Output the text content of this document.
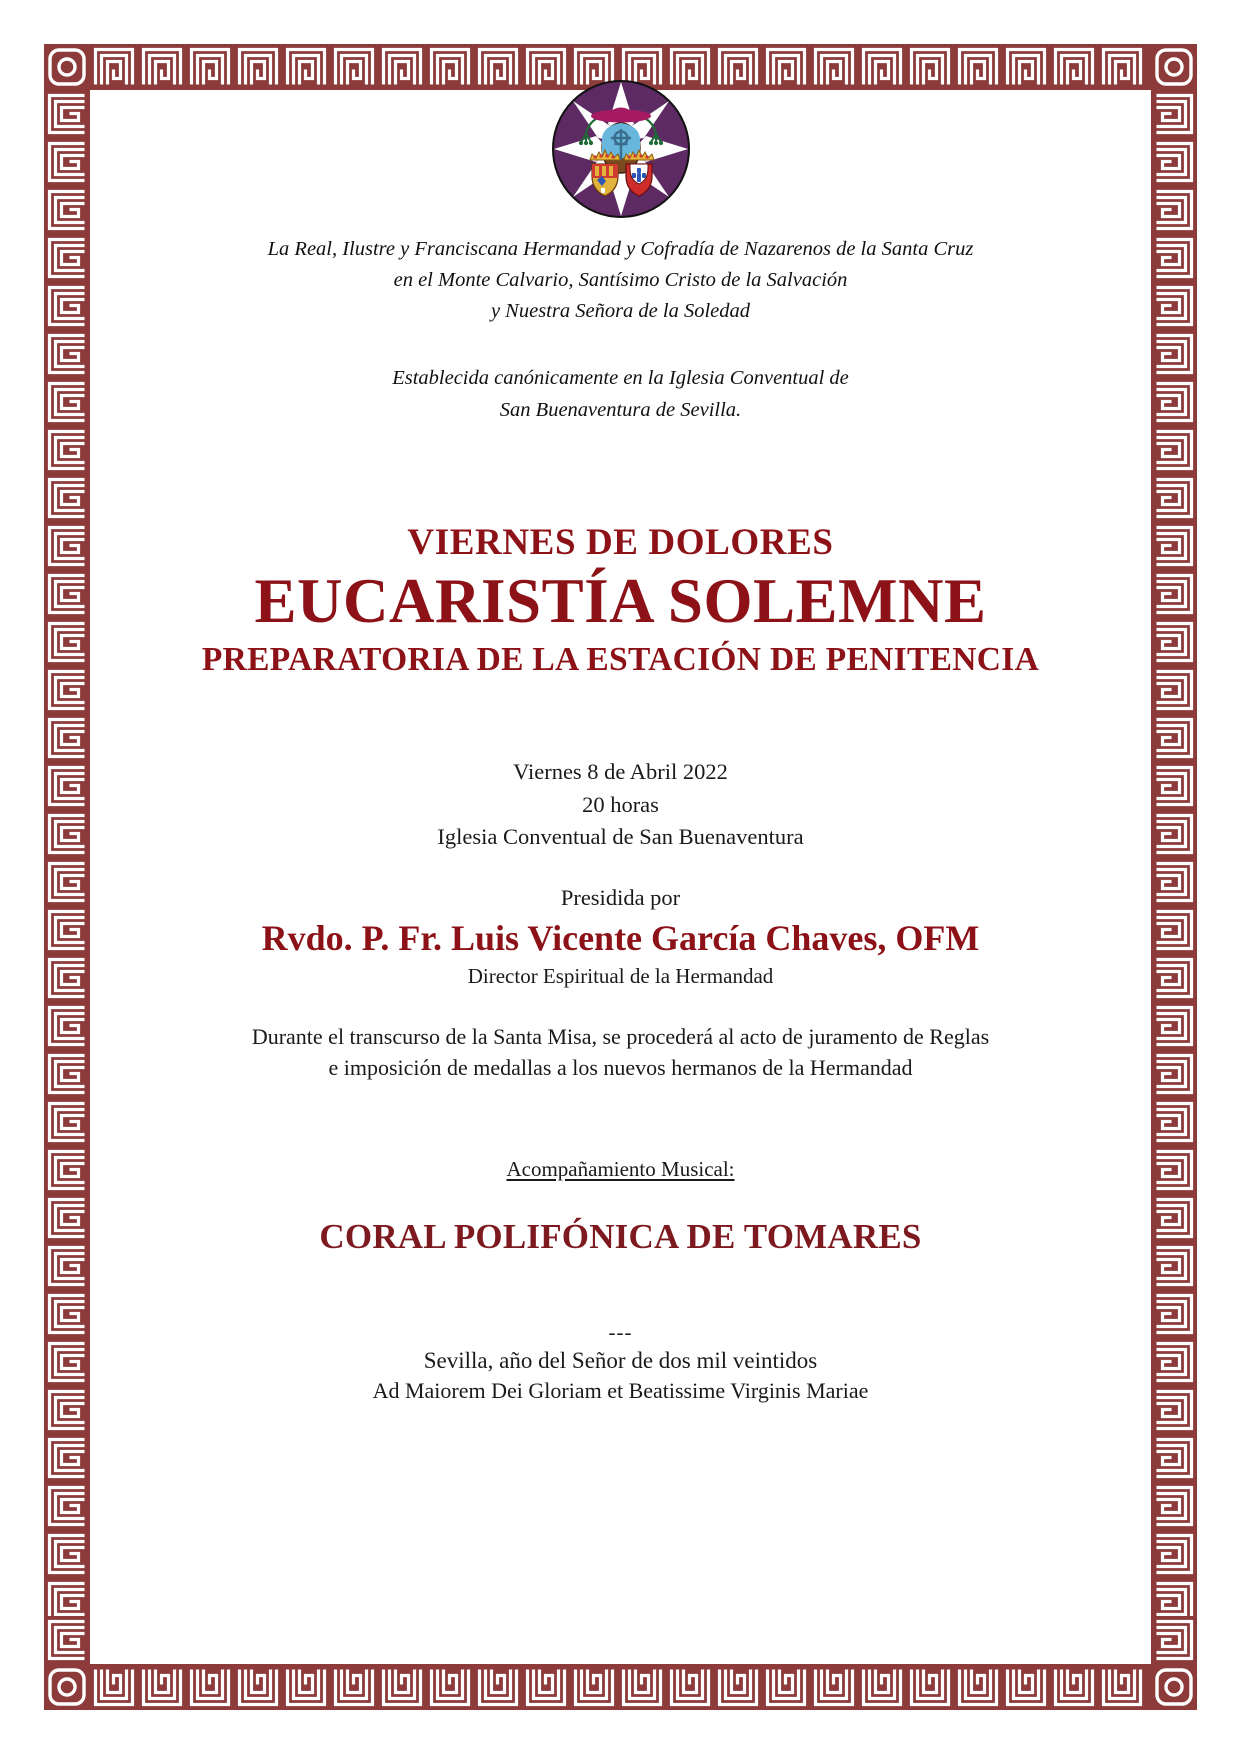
La Real, Ilustre y Franciscana Hermandad y Cofradía de Nazarenos de la Santa Cruz
en el Monte Calvario, Santísimo Cristo de la Salvación
y Nuestra Señora de la Soledad
Establecida canónicamente en la Iglesia Conventual de
San Buenaventura de Sevilla.
VIERNES DE DOLORES
EUCARISTÍA SOLEMNE
PREPARATORIA DE LA ESTACIÓN DE PENITENCIA
Viernes 8 de Abril 2022
20 horas
Iglesia Conventual de San Buenaventura
Presidida por
Rvdo. P. Fr. Luis Vicente García Chaves, OFM
Director Espiritual de la Hermandad
Durante el transcurso de la Santa Misa, se procederá al acto de juramento de Reglas
e imposición de medallas a los nuevos hermanos de la Hermandad
Acompañamiento Musical:
CORAL POLIFÓNICA DE TOMARES
---
Sevilla, año del Señor de dos mil veintidos
Ad Maiorem Dei Gloriam et Beatissime Virginis Mariae
